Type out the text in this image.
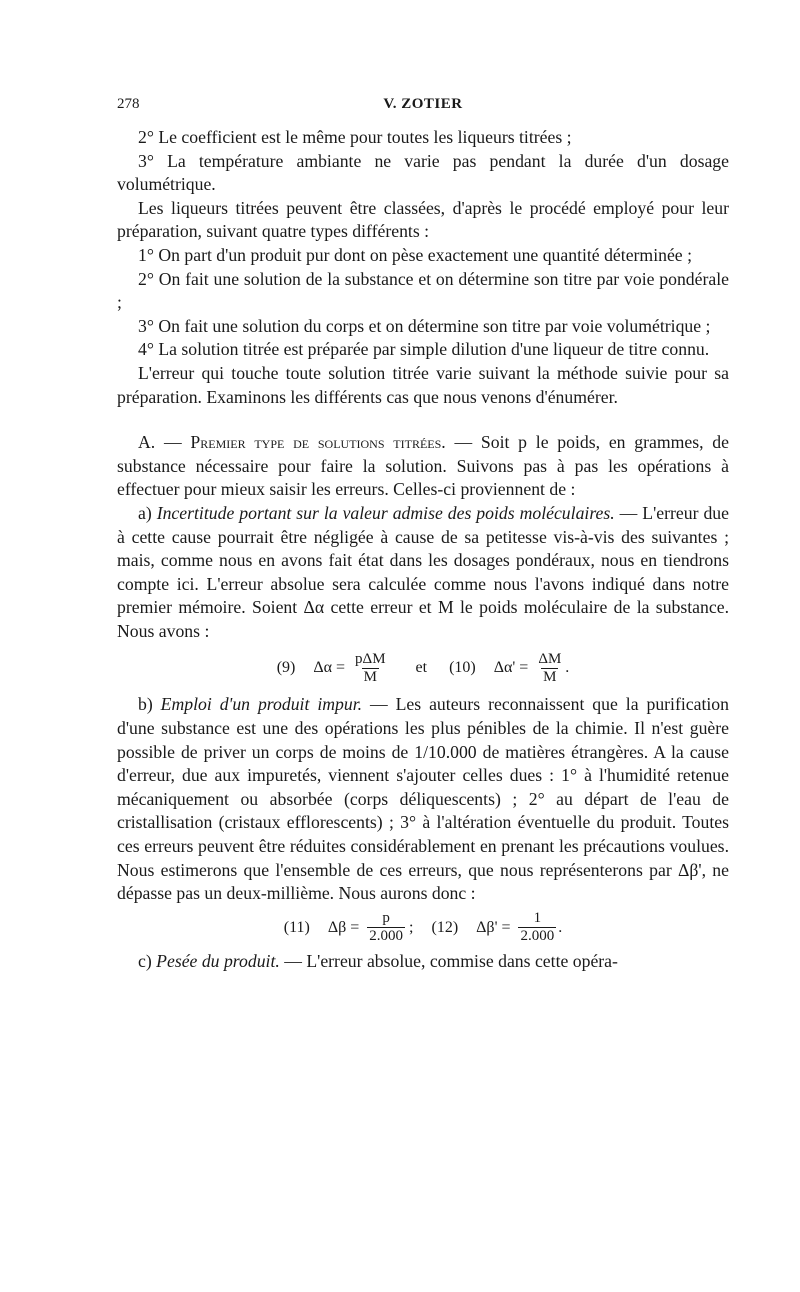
278	V. ZOTIER

2° Le coefficient est le même pour toutes les liqueurs titrées ;

3° La température ambiante ne varie pas pendant la durée d'un dosage volumétrique.

Les liqueurs titrées peuvent être classées, d'après le procédé employé pour leur préparation, suivant quatre types différents :

1° On part d'un produit pur dont on pèse exactement une quantité déterminée ;

2° On fait une solution de la substance et on détermine son titre par voie pondérale ;

3° On fait une solution du corps et on détermine son titre par voie volumétrique ;

4° La solution titrée est préparée par simple dilution d'une liqueur de titre connu.

L'erreur qui touche toute solution titrée varie suivant la méthode suivie pour sa préparation. Examinons les différents cas que nous venons d'énumérer.

A. — Premier type de solutions titrées. — Soit p le poids, en grammes, de substance nécessaire pour faire la solution. Suivons pas à pas les opérations à effectuer pour mieux saisir les erreurs. Celles-ci proviennent de :

a) Incertitude portant sur la valeur admise des poids moléculaires. — L'erreur due à cette cause pourrait être négligée à cause de sa petitesse vis-à-vis des suivantes ; mais, comme nous en avons fait état dans les dosages pondéraux, nous en tiendrons compte ici. L'erreur absolue sera calculée comme nous l'avons indiqué dans notre premier mémoire. Soient Δα cette erreur et M le poids moléculaire de la substance. Nous avons :

(9) $\Delta\alpha = \frac{\text{pΔM}}{M}$ et (10) $\Delta\alpha' = \frac{\Delta M}{M}$ .

b) Emploi d'un produit impur. — Les auteurs reconnaissent que la purification d'une substance est une des opérations les plus pénibles de la chimie. Il n'est guère possible de priver un corps de moins de 1/10.000 de matières étrangères. A la cause d'erreur, due aux impuretés, viennent s'ajouter celles dues : 1° à l'humidité retenue mécaniquement ou absorbée (corps déliquescents) ; 2° au départ de l'eau de cristallisation (cristaux efflorescents) ; 3° à l'altération éventuelle du produit. Toutes ces erreurs peuvent être réduites considérablement en prenant les précautions voulues. Nous estimerons que l'ensemble de ces erreurs, que nous représenterons par Δβ', ne dépasse pas un deux-millième. Nous aurons donc :

(11) $\Delta\beta = \frac{p}{2.000}$ ; (12) $\Delta\beta' = \frac{1}{2.000}$ .

c) Pesée du produit. — L'erreur absolue, commise dans cette opéra-
